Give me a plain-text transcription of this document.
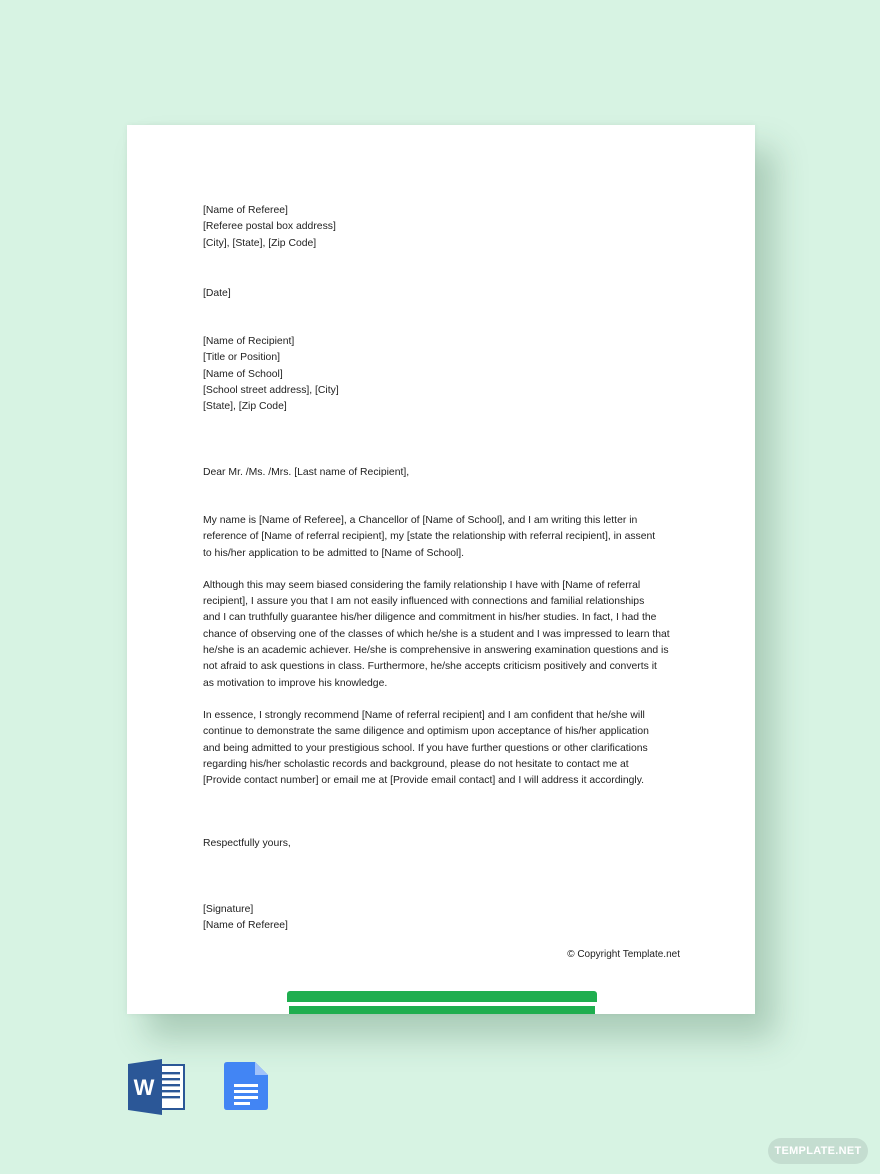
[Name of Referee]
[Referee postal box address]
[City], [State], [Zip Code]
[Date]
[Name of Recipient]
[Title or Position]
[Name of School]
[School street address], [City]
[State], [Zip Code]
Dear Mr. /Ms. /Mrs. [Last name of Recipient],
My name is [Name of Referee], a Chancellor of [Name of School], and I am writing this letter in
reference of [Name of referral recipient], my [state the relationship with referral recipient], in assent
to his/her application to be admitted to [Name of School].
Although this may seem biased considering the family relationship I have with [Name of referral
recipient], I assure you that I am not easily influenced with connections and familial relationships
and I can truthfully guarantee his/her diligence and commitment in his/her studies. In fact, I had the
chance of observing one of the classes of which he/she is a student and I was impressed to learn that
he/she is an academic achiever. He/she is comprehensive in answering examination questions and is
not afraid to ask questions in class. Furthermore, he/she accepts criticism positively and converts it
as motivation to improve his knowledge.
In essence, I strongly recommend [Name of referral recipient] and I am confident that he/she will
continue to demonstrate the same diligence and optimism upon acceptance of his/her application
and being admitted to your prestigious school. If you have further questions or other clarifications
regarding his/her scholastic records and background, please do not hesitate to contact me at
[Provide contact number] or email me at [Provide email contact] and I will address it accordingly.
Respectfully yours,
[Signature]
[Name of Referee]
© Copyright Template.net
W
TEMPLATE.NET
